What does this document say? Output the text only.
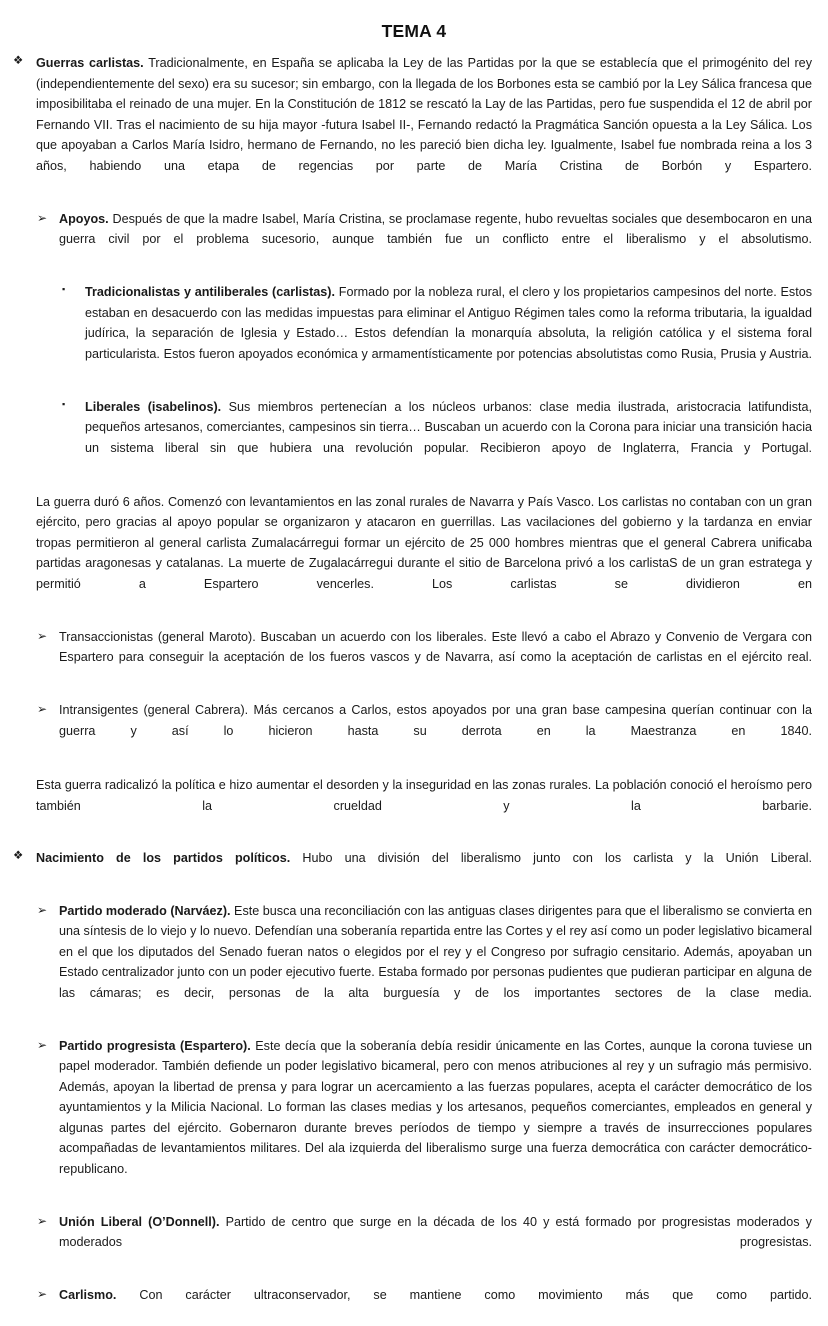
TEMA 4

❖ Guerras carlistas. Tradicionalmente, en España se aplicaba la Ley de las Partidas por la que se establecía que el primogénito del rey (independientemente del sexo) era su sucesor; sin embargo, con la llegada de los Borbones esta se cambió por la Ley Sálica francesa que imposibilitaba el reinado de una mujer. En la Constitución de 1812 se rescató la Lay de las Partidas, pero fue suspendida el 12 de abril por Fernando VII. Tras el nacimiento de su hija mayor -futura Isabel II-, Fernando redactó la Pragmática Sanción opuesta a la Ley Sálica. Los que apoyaban a Carlos María Isidro, hermano de Fernando, no les pareció bien dicha ley. Igualmente, Isabel fue nombrada reina a los 3 años, habiendo una etapa de regencias por parte de María Cristina de Borbón y Espartero.

➢ Apoyos. Después de que la madre Isabel, María Cristina, se proclamase regente, hubo revueltas sociales que desembocaron en una guerra civil por el problema sucesorio, aunque también fue un conflicto entre el liberalismo y el absolutismo.

▪ Tradicionalistas y antiliberales (carlistas). Formado por la nobleza rural, el clero y los propietarios campesinos del norte. Estos estaban en desacuerdo con las medidas impuestas para eliminar el Antiguo Régimen tales como la reforma tributaria, la igualdad judírica, la separación de Iglesia y Estado… Estos defendían la monarquía absoluta, la religión católica y el sistema foral particularista. Estos fueron apoyados económica y armamentísticamente por potencias absolutistas como Rusia, Prusia y Austria.

▪ Liberales (isabelinos). Sus miembros pertenecían a los núcleos urbanos: clase media ilustrada, aristocracia latifundista, pequeños artesanos, comerciantes, campesinos sin tierra… Buscaban un acuerdo con la Corona para iniciar una transición hacia un sistema liberal sin que hubiera una revolución popular. Recibieron apoyo de Inglaterra, Francia y Portugal.

La guerra duró 6 años. Comenzó con levantamientos en las zonal rurales de Navarra y País Vasco. Los carlistas no contaban con un gran ejército, pero gracias al apoyo popular se organizaron y atacaron en guerrillas. Las vacilaciones del gobierno y la tardanza en enviar tropas permitieron al general carlista Zumalacárregui formar un ejército de 25 000 hombres mientras que el general Cabrera unificaba partidas aragonesas y catalanas. La muerte de Zugalacárregui durante el sitio de Barcelona privó a los carlistaS de un gran estratega y permitió a Espartero vencerles. Los carlistas se dividieron en

➢ Transaccionistas (general Maroto). Buscaban un acuerdo con los liberales. Este llevó a cabo el Abrazo y Convenio de Vergara con Espartero para conseguir la aceptación de los fueros vascos y de Navarra, así como la aceptación de carlistas en el ejército real.

➢ Intransigentes (general Cabrera). Más cercanos a Carlos, estos apoyados por una gran base campesina querían continuar con la guerra y así lo hicieron hasta su derrota en la Maestranza en 1840.

Esta guerra radicalizó la política e hizo aumentar el desorden y la inseguridad en las zonas rurales. La población conoció el heroísmo pero también la crueldad y la barbarie.

❖ Nacimiento de los partidos políticos. Hubo una división del liberalismo junto con los carlista y la Unión Liberal.

➢ Partido moderado (Narváez). Este busca una reconciliación con las antiguas clases dirigentes para que el liberalismo se convierta en una síntesis de lo viejo y lo nuevo. Defendían una soberanía repartida entre las Cortes y el rey así como un poder legislativo bicameral en el que los diputados del Senado fueran natos o elegidos por el rey y el Congreso por sufragio censitario. Además, apoyaban un Estado centralizador junto con un poder ejecutivo fuerte. Estaba formado por personas pudientes que pudieran participar en alguna de las cámaras; es decir, personas de la alta burguesía y de los importantes sectores de la clase media.

➢ Partido progresista (Espartero). Este decía que la soberanía debía residir únicamente en las Cortes, aunque la corona tuviese un papel moderador. También defiende un poder legislativo bicameral, pero con menos atribuciones al rey y un sufragio más permisivo. Además, apoyan la libertad de prensa y para lograr un acercamiento a las fuerzas populares, acepta el carácter democrático de los ayuntamientos y la Milicia Nacional. Lo forman las clases medias y los artesanos, pequeños comerciantes, empleados en general y algunas partes del ejército. Gobernaron durante breves períodos de tiempo y siempre a través de insurrecciones populares acompañadas de levantamientos militares. Del ala izquierda del liberalismo surge una fuerza democrática con carácter democrático-republicano.

➢ Unión Liberal (O’Donnell). Partido de centro que surge en la década de los 40 y está formado por progresistas moderados y moderados progresistas.

➢ Carlismo. Con carácter ultraconservador, se mantiene como movimiento más que como partido.
